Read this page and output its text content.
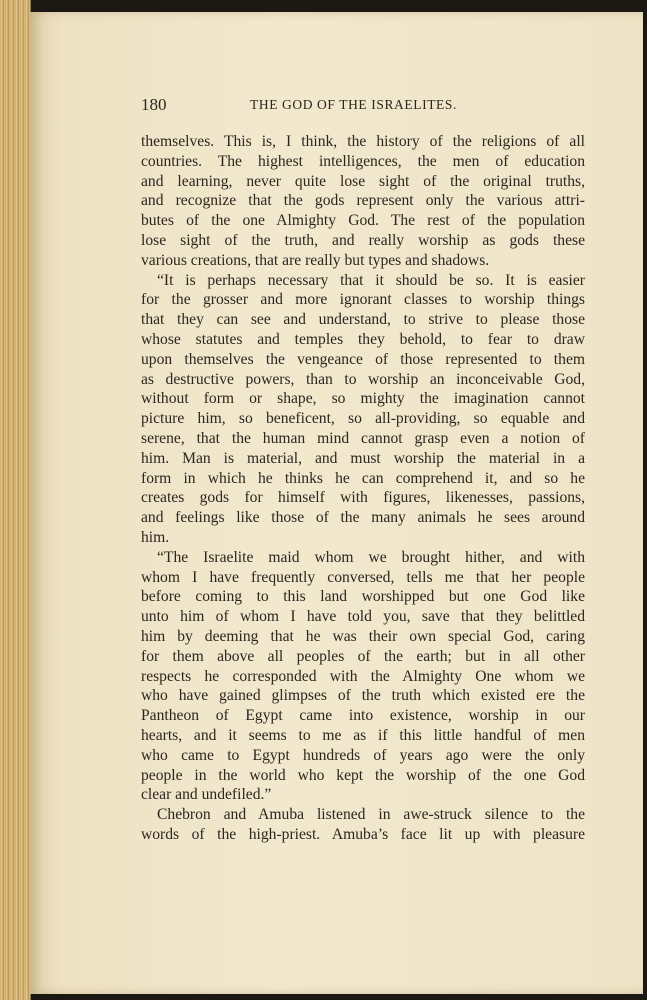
180	THE GOD OF THE ISRAELITES.
themselves. This is, I think, the history of the religions of all
countries. The highest intelligences, the men of education
and learning, never quite lose sight of the original truths,
and recognize that the gods represent only the various attri-
butes of the one Almighty God. The rest of the population
lose sight of the truth, and really worship as gods these
various creations, that are really but types and shadows.
“It is perhaps necessary that it should be so. It is easier
for the grosser and more ignorant classes to worship things
that they can see and understand, to strive to please those
whose statutes and temples they behold, to fear to draw
upon themselves the vengeance of those represented to them
as destructive powers, than to worship an inconceivable God,
without form or shape, so mighty the imagination cannot
picture him, so beneficent, so all-providing, so equable and
serene, that the human mind cannot grasp even a notion of
him. Man is material, and must worship the material in a
form in which he thinks he can comprehend it, and so he
creates gods for himself with figures, likenesses, passions,
and feelings like those of the many animals he sees around
him.
“The Israelite maid whom we brought hither, and with
whom I have frequently conversed, tells me that her people
before coming to this land worshipped but one God like
unto him of whom I have told you, save that they belittled
him by deeming that he was their own special God, caring
for them above all peoples of the earth; but in all other
respects he corresponded with the Almighty One whom we
who have gained glimpses of the truth which existed ere the
Pantheon of Egypt came into existence, worship in our
hearts, and it seems to me as if this little handful of men
who came to Egypt hundreds of years ago were the only
people in the world who kept the worship of the one God
clear and undefiled.”
Chebron and Amuba listened in awe-struck silence to the
words of the high-priest. Amuba’s face lit up with pleasure
